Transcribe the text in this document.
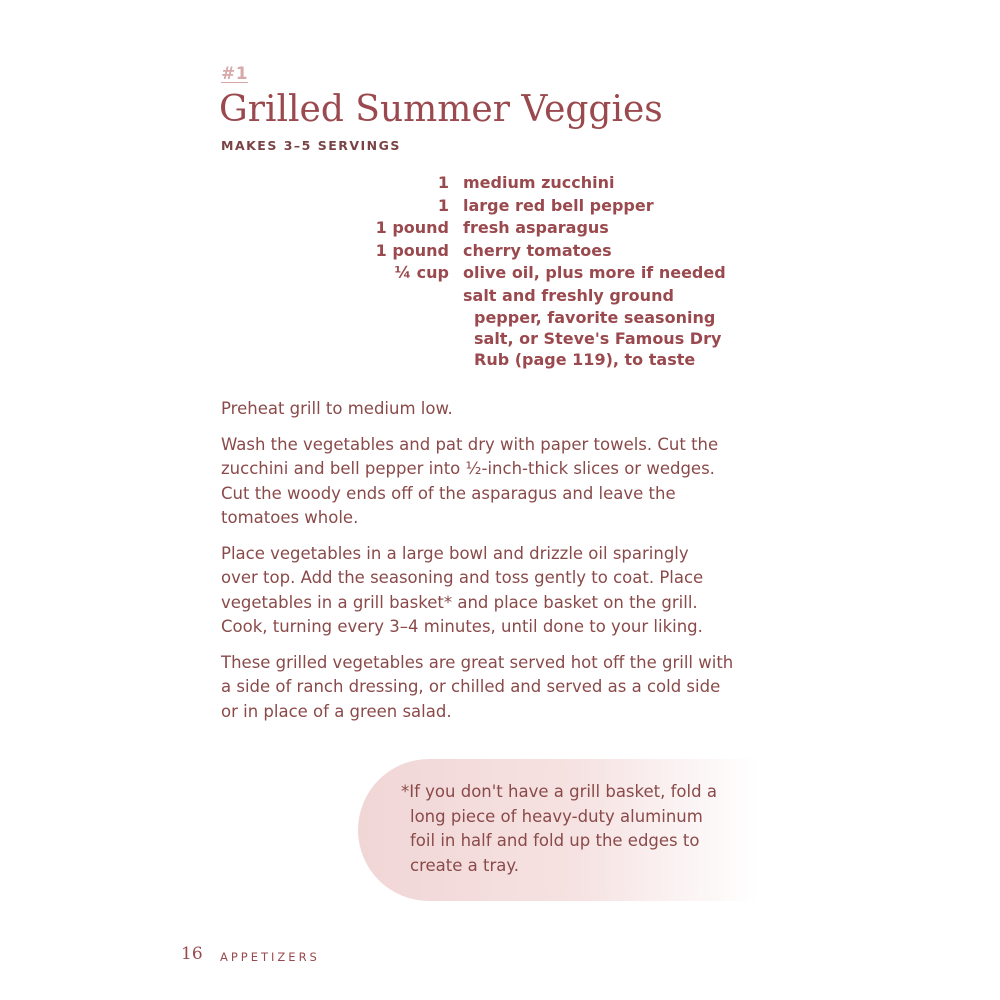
#1
Grilled Summer Veggies
MAKES 3–5 SERVINGS
1 medium zucchini
1 large red bell pepper
1 pound fresh asparagus
1 pound cherry tomatoes
¼ cup olive oil, plus more if needed
salt and freshly ground
pepper, favorite seasoning
salt, or Steve's Famous Dry
Rub (page 119), to taste

Preheat grill to medium low.

Wash the vegetables and pat dry with paper towels. Cut the
zucchini and bell pepper into ½-inch-thick slices or wedges.
Cut the woody ends off of the asparagus and leave the
tomatoes whole.

Place vegetables in a large bowl and drizzle oil sparingly
over top. Add the seasoning and toss gently to coat. Place
vegetables in a grill basket* and place basket on the grill.
Cook, turning every 3–4 minutes, until done to your liking.

These grilled vegetables are great served hot off the grill with
a side of ranch dressing, or chilled and served as a cold side
or in place of a green salad.

*If you don't have a grill basket, fold a
long piece of heavy-duty aluminum
foil in half and fold up the edges to
create a tray.
16 APPETIZERS
